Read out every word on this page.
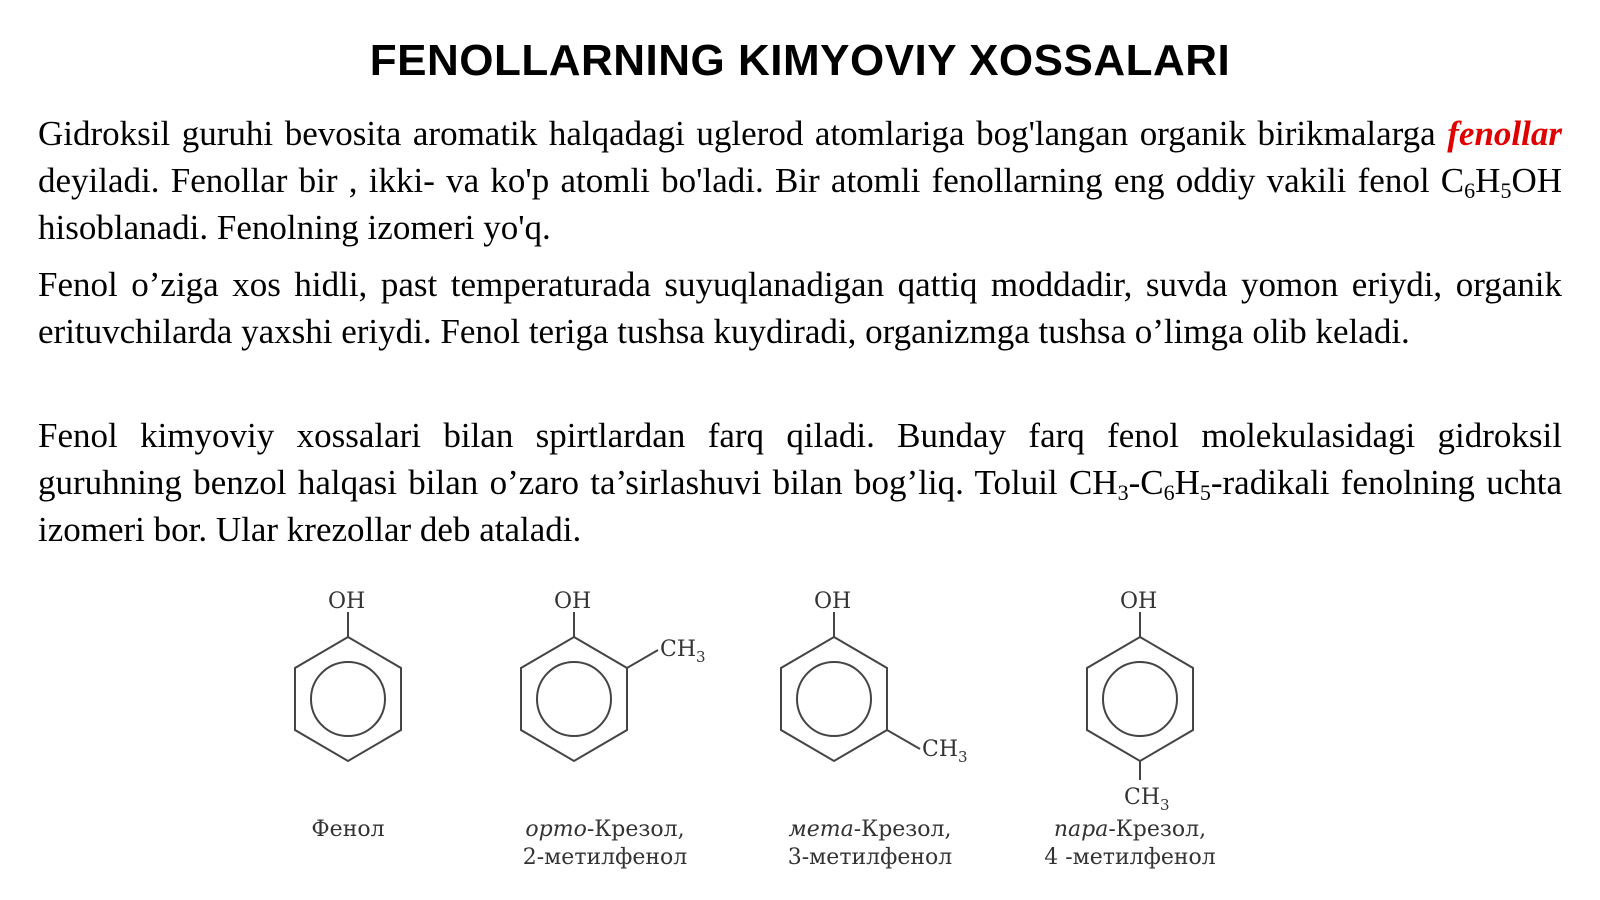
FENOLLARNING KIMYOVIY XOSSALARI

Gidroksil guruhi bevosita aromatik halqadagi uglerod atomlariga bog'langan organik birikmalarga fenollar deyiladi. Fenollar bir , ikki- va ko'p atomli bo'ladi. Bir atomli fenollarning eng oddiy vakili fenol $C_6H_5OH$ hisoblanadi. Fenolning izomeri yo'q.

Fenol o’ziga xos hidli, past temperaturada suyuqlanadigan qattiq moddadir, suvda yomon eriydi, organik erituvchilarda yaxshi eriydi. Fenol teriga tushsa kuydiradi, organizmga tushsa o’limga olib keladi.

Fenol kimyoviy xossalari bilan spirtlardan farq qiladi. Bunday farq fenol molekulasidagi gidroksil guruhning benzol halqasi bilan o’zaro ta’sirlashuvi bilan bog’liq. Toluil $CH_3-C_6H_5$-radikali fenolning uchta izomeri bor. Ular krezollar deb ataladi.

OH	OH
$CH_3$
OH
$CH_3$
OH
$CH_3$
Фенол	орто-Крезол,
2-метилфенол
мета-Крезол,
3-метилфенол
пара-Крезол,
4 -метилфенол
